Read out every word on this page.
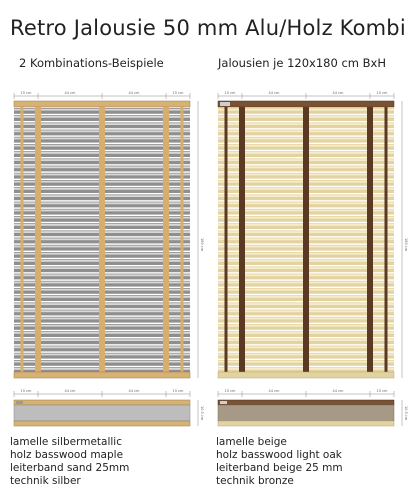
Retro Jalousie 50 mm Alu/Holz Kombi
2 Kombinations-Beispiele	Jalousien je 120x180 cm BxH
15 cm	44 cm	44 cm	15 cm
180 cm
15 cm	44 cm	44 cm	15 cm
180 cm
15 cm	44 cm	44 cm	15 cm
10.5 cm
15 cm	44 cm	44 cm	15 cm
10.5 cm
lamelle silbermetallic
holz basswood maple
leiterband sand 25mm
technik silber
lamelle beige
holz basswood light oak
leiterband beige 25 mm
technik bronze
